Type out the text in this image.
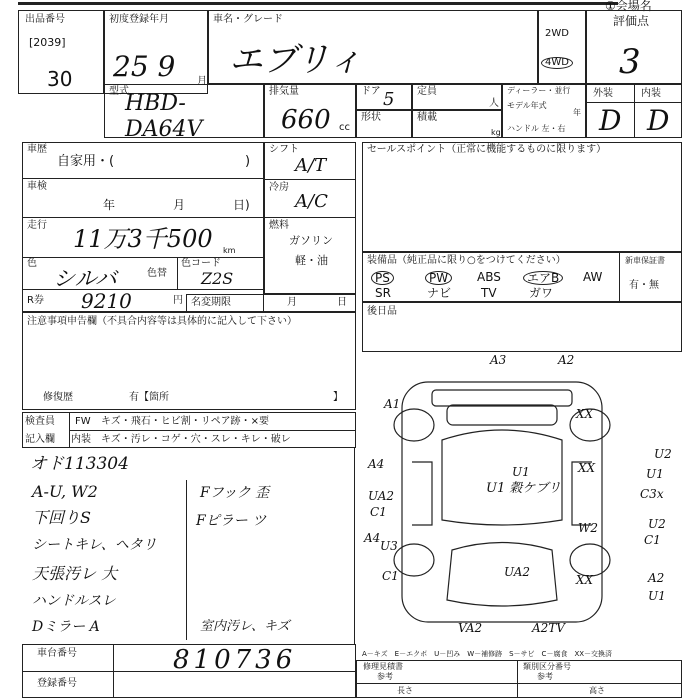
①会場名
出品番号
[2039]
30
初度登録年月
25 9 月
車名・グレード
エブリィ
2WD
4WD
評価点
3
型式
HBD-DA64V
排気量
660 cc
ドア 5 定員
人
形状	積載
kg
ディーラー・並行
モデル年式
年
ハンドル 左・右
外装	内装
D D
車歴
自家用・(	)
車検
年	月	日)
走行 11万3千500 km
色
シルバ	色替
色コード
Z2S
R券 9210	円 名変期限	月	日
シフト
A/T
冷房
A/C
燃料
ガソリン
軽・油
セールスポイント（正常に機能するものに限ります）
装備品（純正品に限り○をつけてください）	新車保証書
有・無
PS	PW	ABS	エアB	AW
SR	ナビ TV	ガワ
後日品
注意事項申告欄（不具合内容等は具体的に記入して下さい）
修復歴	有【箇所	】
検査員
記入欄
FW
内装
キズ・飛石・ヒビ割・リペア跡・×要
キズ・汚レ・コゲ・穴・スレ・キレ・破レ
オド113304
A-U, W2
下回りS
シートキレ、ヘタリ
天張汚レ 大
ハンドルスレ
Dミラー A
Fフック 歪
Fピラー ツ
室内汚レ、キズ
A3	A2
A1
XX
A4	XX
U2
U1
C3x
UA2
C1
U1
W2	U2
C1
A4
U3
C1	XX	A2
U1
UA2
VA2	A2TV
U1 穀ケブリ
車台番号	810736
登録番号
A－キズ　E－エクボ　U－凹み　W－補修跡　S－サビ　C－腐食　XX－交換済
修理見積書
参考
類別区分番号
参考
長さ	高さ
